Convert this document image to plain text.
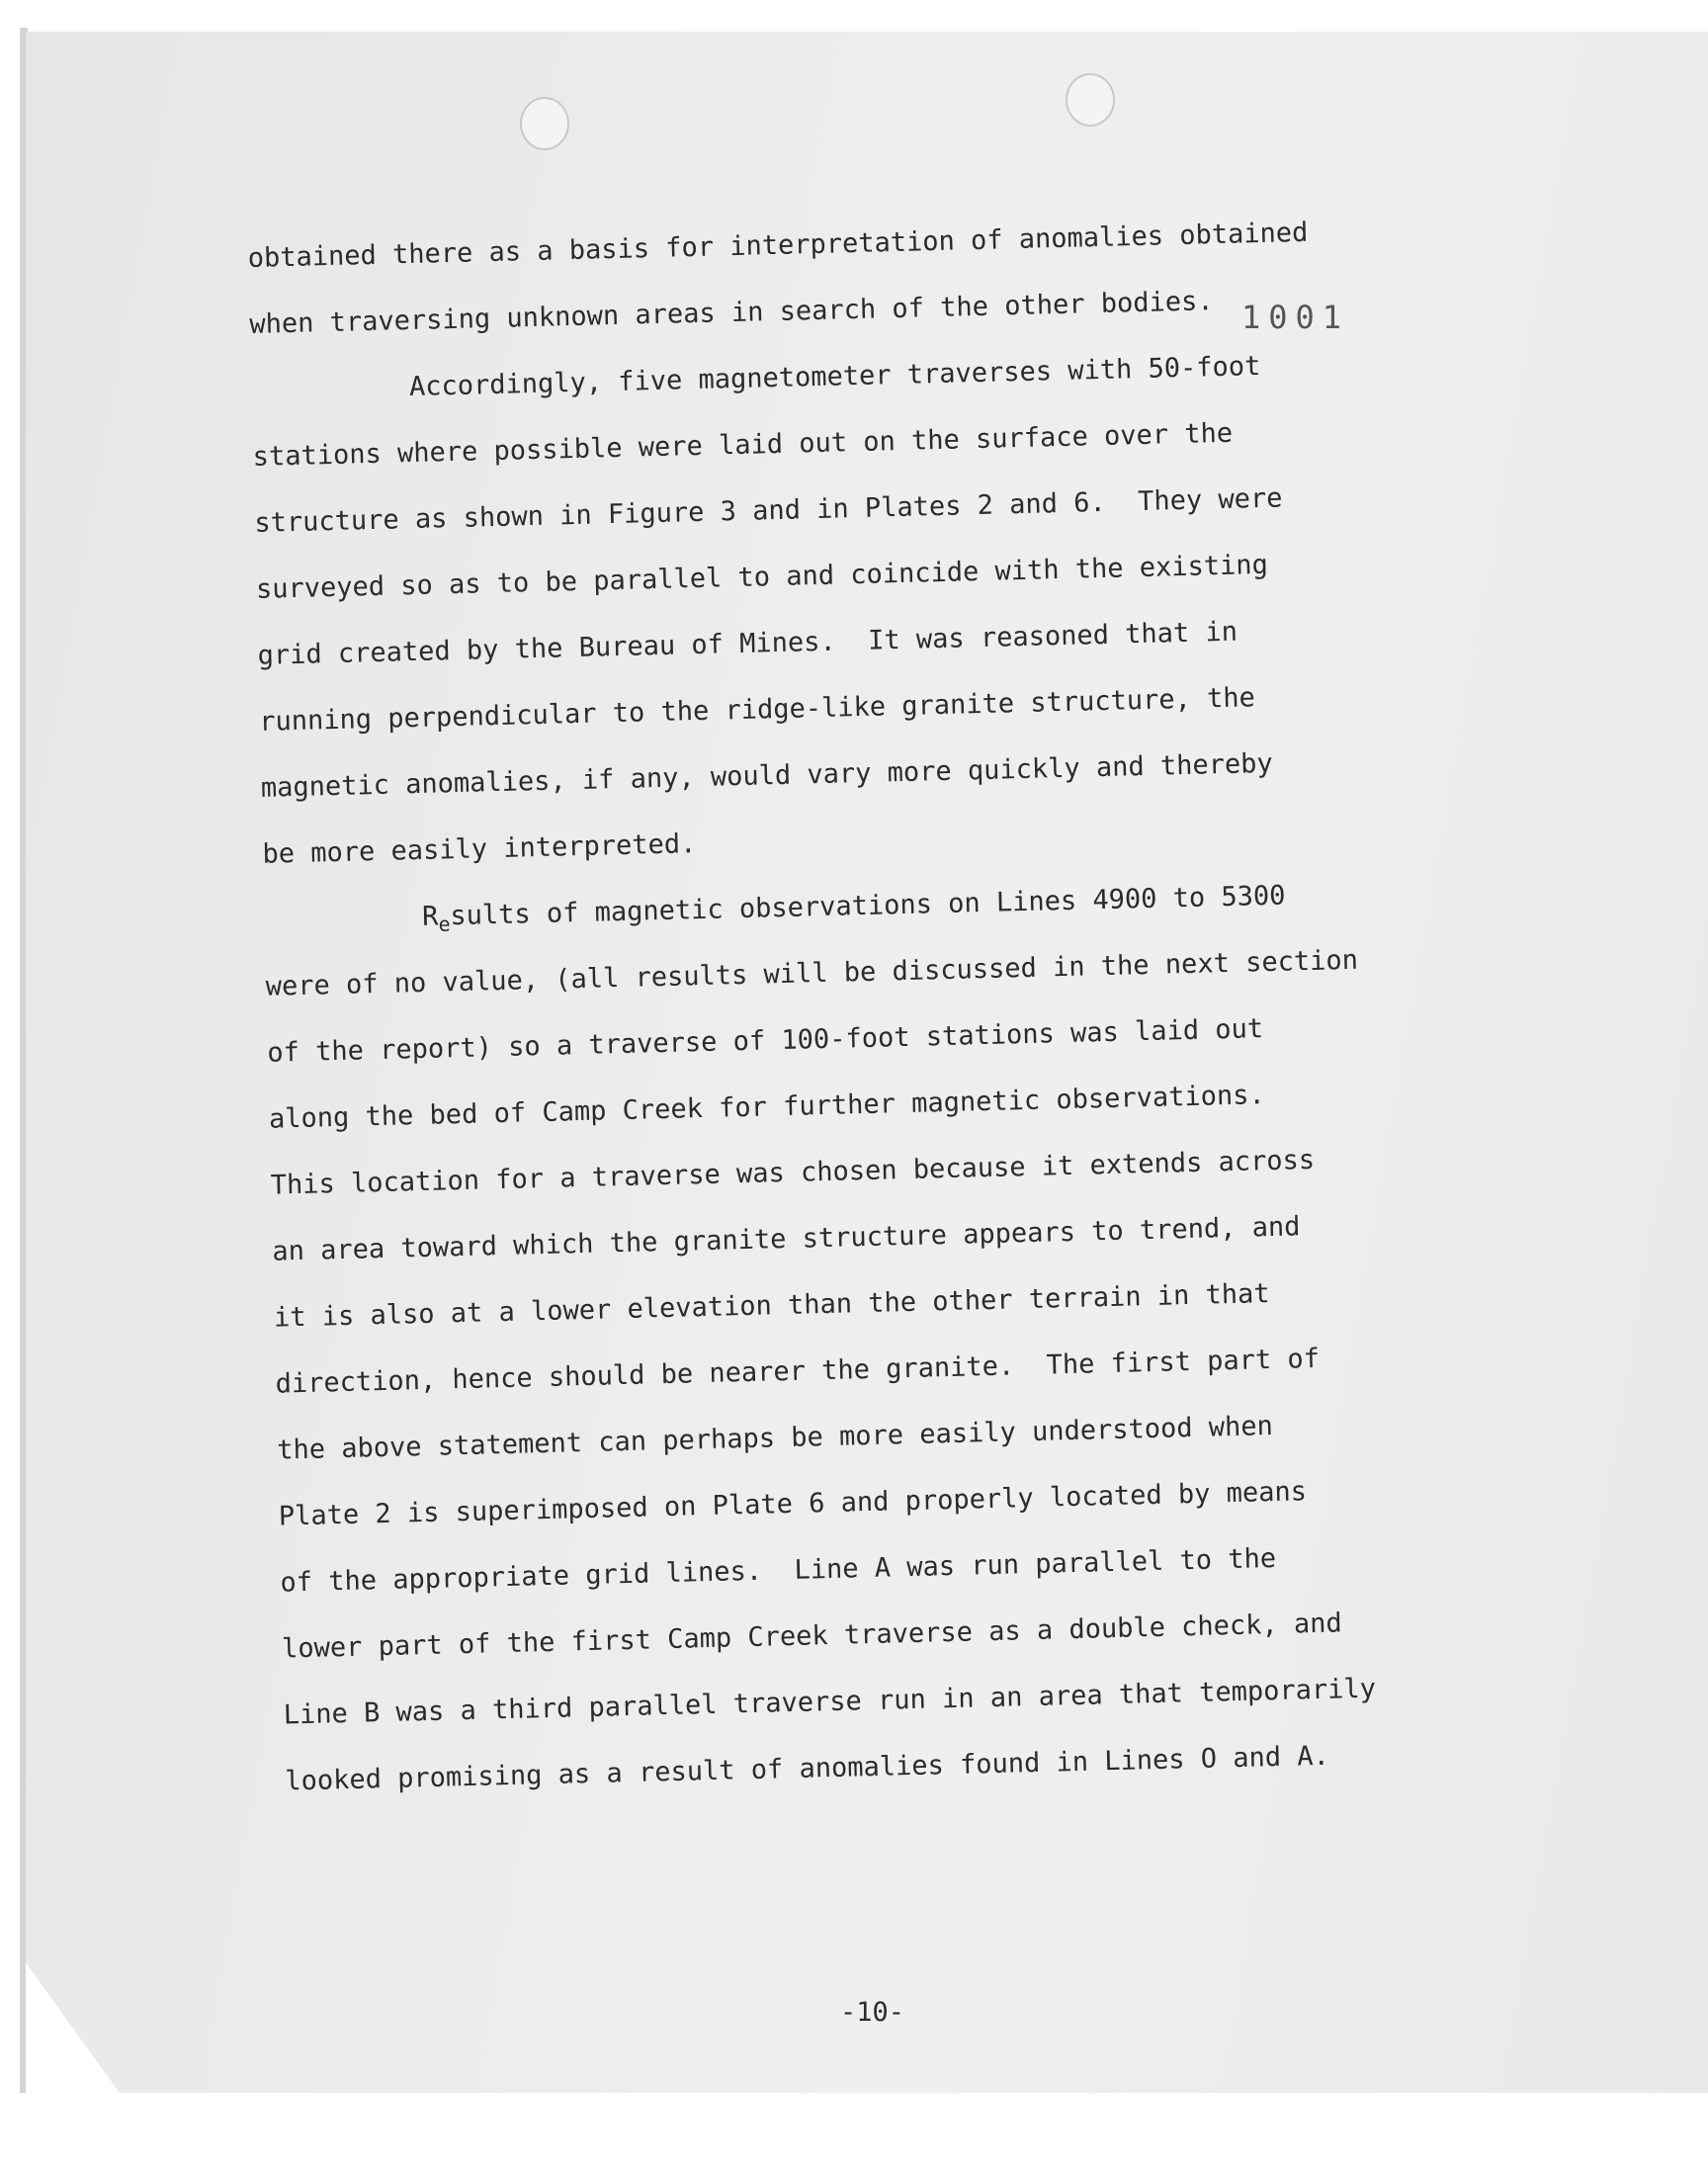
1001
obtained there as a basis for interpretation of anomalies obtained
when traversing unknown areas in search of the other bodies.
Accordingly, five magnetometer traverses with 50-foot
stations where possible were laid out on the surface over the
structure as shown in Figure 3 and in Plates 2 and 6.  They were
surveyed so as to be parallel to and coincide with the existing
grid created by the Bureau of Mines.  It was reasoned that in
running perpendicular to the ridge-like granite structure, the
magnetic anomalies, if any, would vary more quickly and thereby
be more easily interpreted.
$R_esults$ of magnetic observations on Lines 4900 to 5300
were of no value, (all results will be discussed in the next section
of the report) so a traverse of 100-foot stations was laid out
along the bed of Camp Creek for further magnetic observations.
This location for a traverse was chosen because it extends across
an area toward which the granite structure appears to trend, and
it is also at a lower elevation than the other terrain in that
direction, hence should be nearer the granite.  The first part of
the above statement can perhaps be more easily understood when
Plate 2 is superimposed on Plate 6 and properly located by means
of the appropriate grid lines.  Line A was run parallel to the
lower part of the first Camp Creek traverse as a double check, and
Line B was a third parallel traverse run in an area that temporarily
looked promising as a result of anomalies found in Lines O and A.
-10-
